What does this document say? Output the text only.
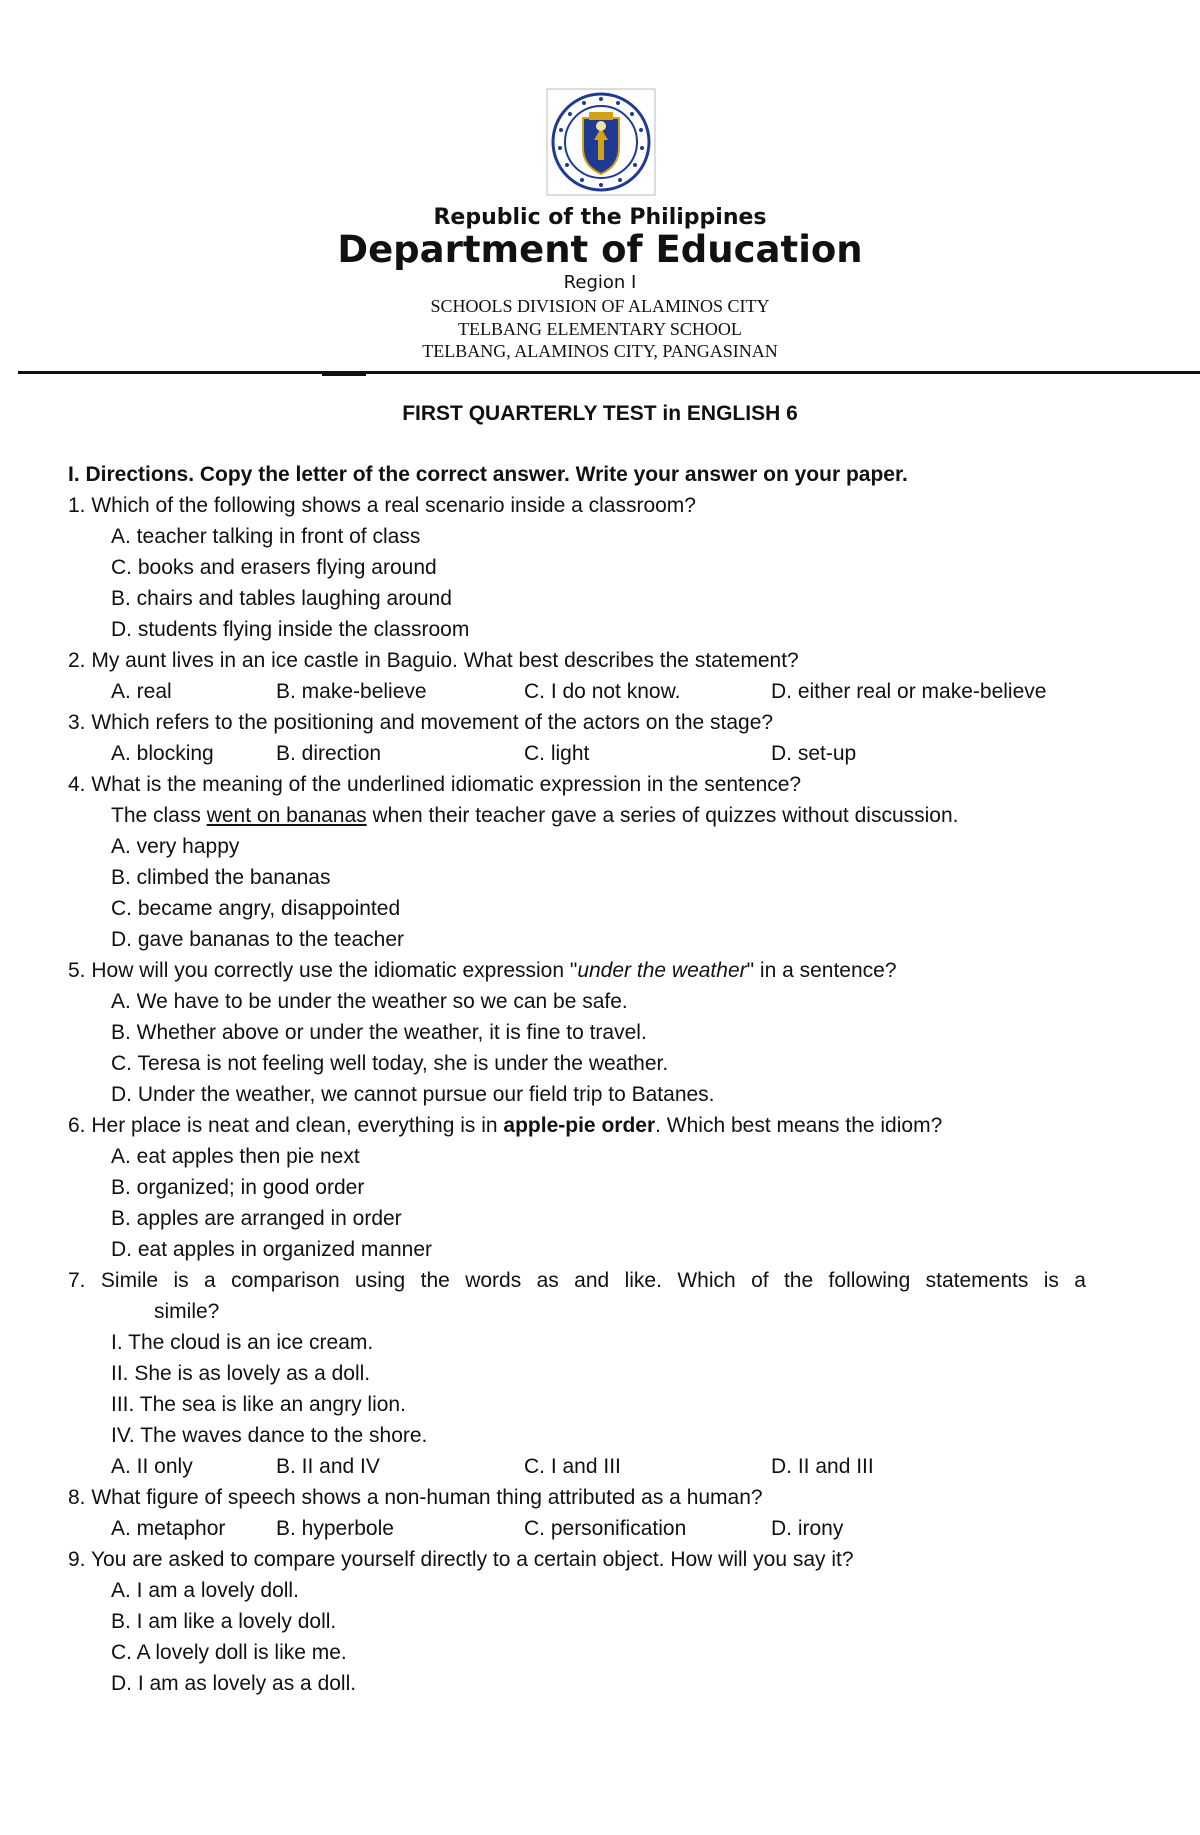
Republic of the Philippines
Department of Education
Region I
SCHOOLS DIVISION OF ALAMINOS CITY
TELBANG ELEMENTARY SCHOOL
TELBANG, ALAMINOS CITY, PANGASINAN
FIRST QUARTERLY TEST in ENGLISH 6
I. Directions. Copy the letter of the correct answer. Write your answer on your paper.
1. Which of the following shows a real scenario inside a classroom?
A. teacher talking in front of class
C. books and erasers flying around
B. chairs and tables laughing around
D. students flying inside the classroom
2. My aunt lives in an ice castle in Baguio. What best describes the statement?
A. real	B. make-believe	C. I do not know.	D. either real or make-believe
3. Which refers to the positioning and movement of the actors on the stage?
A. blocking	B. direction	C. light	D. set-up
4. What is the meaning of the underlined idiomatic expression in the sentence?
The class went on bananas when their teacher gave a series of quizzes without discussion.
A. very happy
B. climbed the bananas
C. became angry, disappointed
D. gave bananas to the teacher
5. How will you correctly use the idiomatic expression "under the weather" in a sentence?
A. We have to be under the weather so we can be safe.
B. Whether above or under the weather, it is fine to travel.
C. Teresa is not feeling well today, she is under the weather.
D. Under the weather, we cannot pursue our field trip to Batanes.
6. Her place is neat and clean, everything is in apple-pie order. Which best means the idiom?
A. eat apples then pie next
B. organized; in good order
B. apples are arranged in order
D. eat apples in organized manner
7. Simile is a comparison using the words as and like. Which of the following statements is a
simile?
I. The cloud is an ice cream.
II. She is as lovely as a doll.
III. The sea is like an angry lion.
IV. The waves dance to the shore.
A. II only	B. II and IV	C. I and III	D. II and III
8. What figure of speech shows a non-human thing attributed as a human?
A. metaphor B. hyperbole	C. personification	D. irony
9. You are asked to compare yourself directly to a certain object. How will you say it?
A. I am a lovely doll.
B. I am like a lovely doll.
C. A lovely doll is like me.
D. I am as lovely as a doll.
